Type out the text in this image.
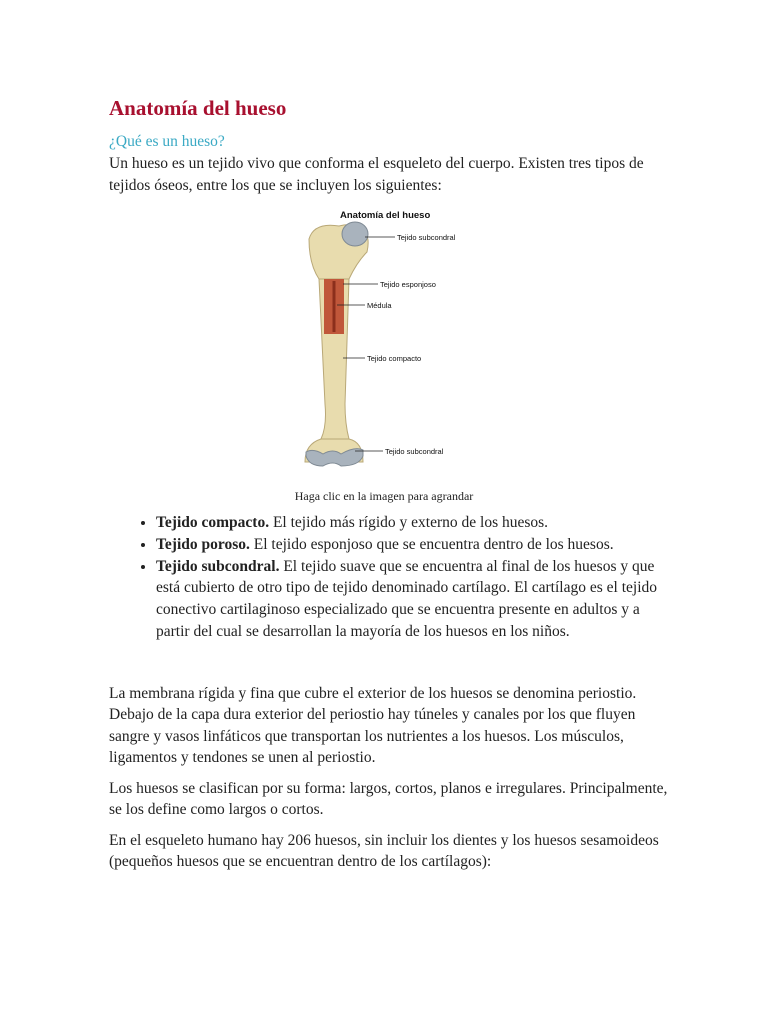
Anatomía del hueso
¿Qué es un hueso?

Un hueso es un tejido vivo que conforma el esqueleto del cuerpo. Existen tres tipos de tejidos óseos, entre los que se incluyen los siguientes:

Anatomía del hueso
Tejido subcondral
Tejido esponjoso
Médula
Tejido compacto
Tejido subcondral
Haga clic en la imagen para agrandar
• Tejido compacto. El tejido más rígido y externo de los huesos.
• Tejido poroso. El tejido esponjoso que se encuentra dentro de los huesos.
• Tejido subcondral. El tejido suave que se encuentra al final de los huesos y que está cubierto de otro tipo de tejido denominado cartílago. El cartílago es el tejido conectivo cartilaginoso especializado que se encuentra presente en adultos y a partir del cual se desarrollan la mayoría de los huesos en los niños.

La membrana rígida y fina que cubre el exterior de los huesos se denomina periostio. Debajo de la capa dura exterior del periostio hay túneles y canales por los que fluyen sangre y vasos linfáticos que transportan los nutrientes a los huesos. Los músculos, ligamentos y tendones se unen al periostio.

Los huesos se clasifican por su forma: largos, cortos, planos e irregulares. Principalmente, se los define como largos o cortos.

En el esqueleto humano hay 206 huesos, sin incluir los dientes y los huesos sesamoideos (pequeños huesos que se encuentran dentro de los cartílagos):
